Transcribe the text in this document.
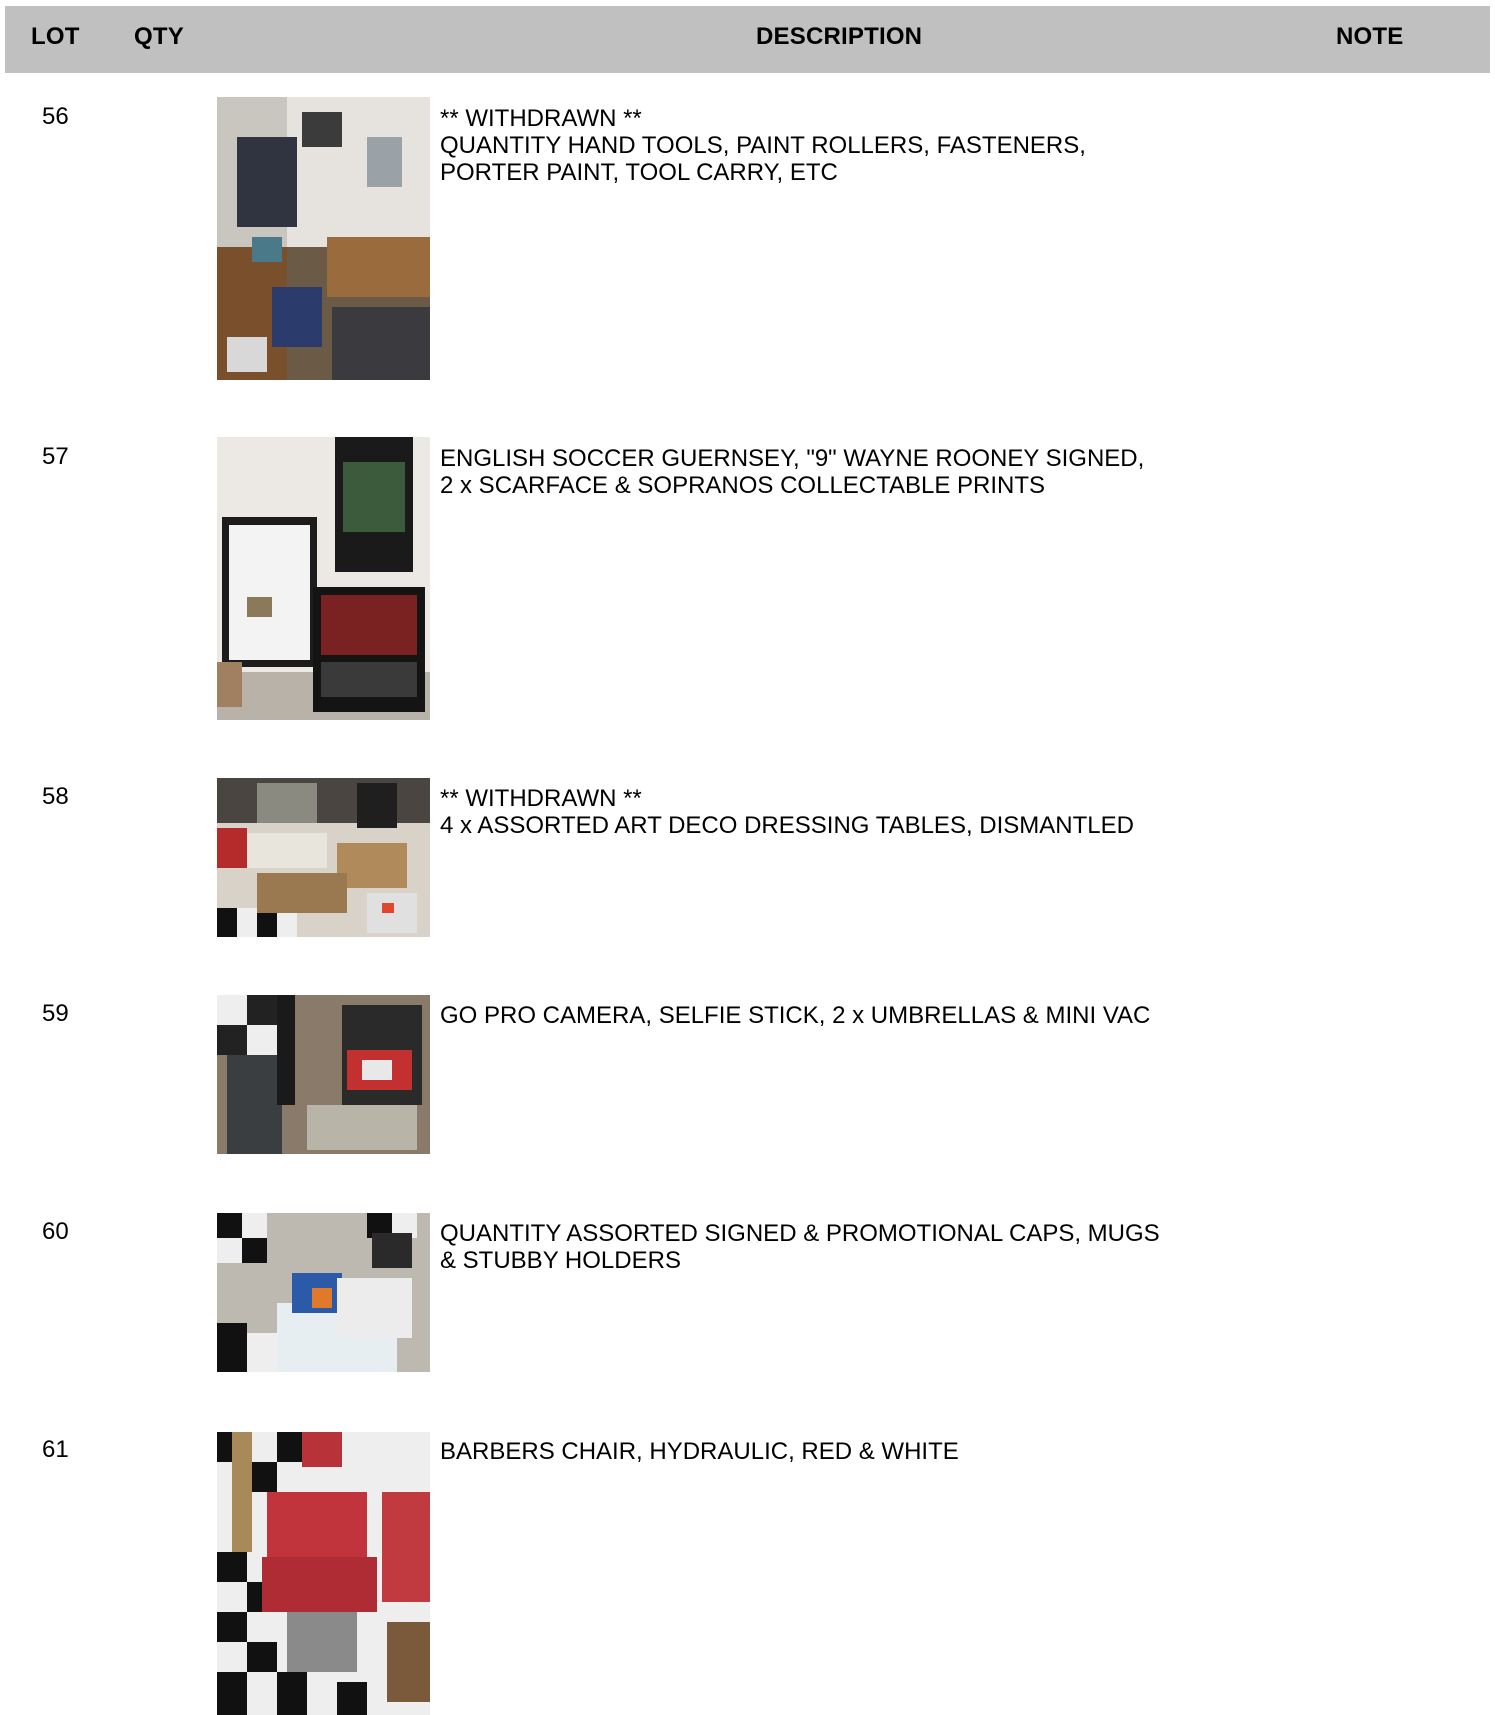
LOT QTY	DESCRIPTION	NOTE
56	** WITHDRAWN **
QUANTITY HAND TOOLS, PAINT ROLLERS, FASTENERS,
PORTER PAINT, TOOL CARRY, ETC
57	ENGLISH SOCCER GUERNSEY, "9" WAYNE ROONEY SIGNED,
2 x SCARFACE & SOPRANOS COLLECTABLE PRINTS
58	** WITHDRAWN **
4 x ASSORTED ART DECO DRESSING TABLES, DISMANTLED
59	GO PRO CAMERA, SELFIE STICK, 2 x UMBRELLAS & MINI VAC
60	QUANTITY ASSORTED SIGNED & PROMOTIONAL CAPS, MUGS
& STUBBY HOLDERS
61	BARBERS CHAIR, HYDRAULIC, RED & WHITE
